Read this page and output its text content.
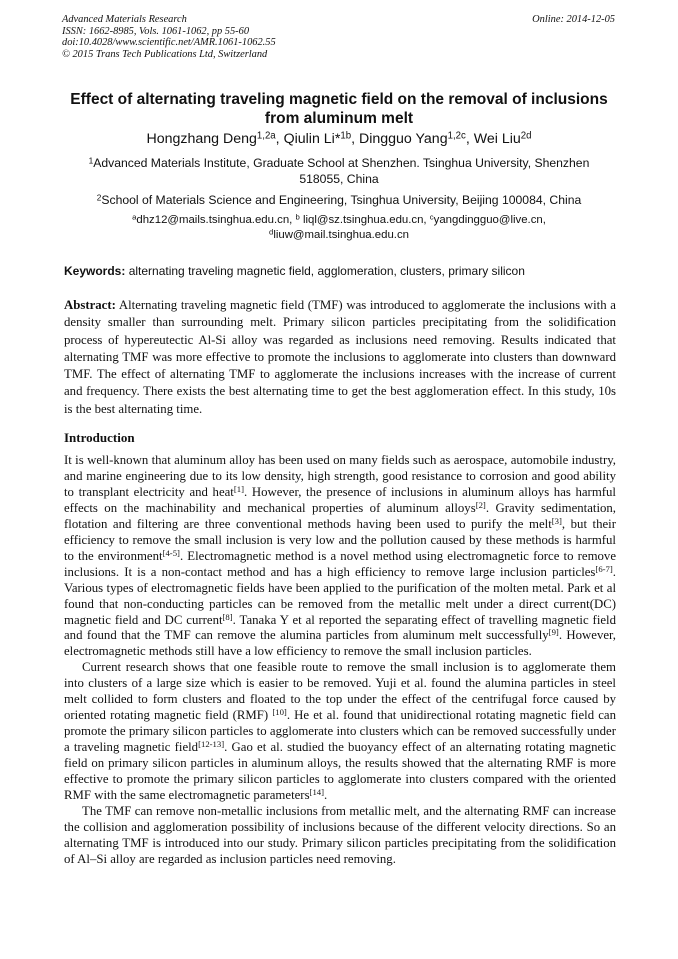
Advanced Materials Research
ISSN: 1662-8985, Vols. 1061-1062, pp 55-60
doi:10.4028/www.scientific.net/AMR.1061-1062.55
© 2015 Trans Tech Publications Ltd, Switzerland
Online: 2014-12-05
Effect of alternating traveling magnetic field on the removal of inclusions from aluminum melt
Hongzhang Deng$^{1,2a}$, Qiulin Li*$^{1b}$, Dingguo Yang$^{1,2c}$, Wei Liu$^{2d}$
$^1$Advanced Materials Institute, Graduate School at Shenzhen. Tsinghua University, Shenzhen 518055, China
$^2$School of Materials Science and Engineering, Tsinghua University, Beijing 100084, China
$^a$dhz12@mails.tsinghua.edu.cn, $^b$ liql@sz.tsinghua.edu.cn, $^c$yangdingguo@live.cn,
$^d$liuw@mail.tsinghua.edu.cn
Keywords: alternating traveling magnetic field, agglomeration, clusters, primary silicon
Abstract: Alternating traveling magnetic field (TMF) was introduced to agglomerate the inclusions with a density smaller than surrounding melt. Primary silicon particles precipitating from the solidification process of hypereutectic Al-Si alloy was regarded as inclusions need removing. Results indicated that alternating TMF was more effective to promote the inclusions to agglomerate into clusters than downward TMF. The effect of alternating TMF to agglomerate the inclusions increases with the increase of current and frequency. There exists the best alternating time to get the best agglomeration effect. In this study, 10s is the best alternating time.
Introduction

It is well-known that aluminum alloy has been used on many fields such as aerospace, automobile industry, and marine engineering due to its low density, high strength, good resistance to corrosion and good ability to transplant electricity and heat[1]. However, the presence of inclusions in aluminum alloys has harmful effects on the machinability and mechanical properties of aluminum alloys[2]. Gravity sedimentation, flotation and filtering are three conventional methods having been used to purify the melt[3], but their efficiency to remove the small inclusion is very low and the pollution caused by these methods is harmful to the environment[4-5]. Electromagnetic method is a novel method using electromagnetic force to remove inclusions. It is a non-contact method and has a high efficiency to remove large inclusion particles[6-7]. Various types of electromagnetic fields have been applied to the purification of the molten metal. Park et al found that non-conducting particles can be removed from the metallic melt under a direct current(DC) magnetic field and DC current[8]. Tanaka Y et al reported the separating effect of travelling magnetic field and found that the TMF can remove the alumina particles from aluminum melt successfully[9]. However, electromagnetic methods still have a low efficiency to remove the small inclusion particles.

Current research shows that one feasible route to remove the small inclusion is to agglomerate them into clusters of a large size which is easier to be removed. Yuji et al. found the alumina particles in steel melt collided to form clusters and floated to the top under the effect of the centrifugal force caused by oriented rotating magnetic field (RMF) [10]. He et al. found that unidirectional rotating magnetic field can promote the primary silicon particles to agglomerate into clusters which can be removed successfully under a traveling magnetic field[12-13]. Gao et al. studied the buoyancy effect of an alternating rotating magnetic field on primary silicon particles in aluminum alloys, the results showed that the alternating RMF is more effective to promote the primary silicon particles to agglomerate into clusters compared with the oriented RMF with the same electromagnetic parameters[14].

The TMF can remove non-metallic inclusions from metallic melt, and the alternating RMF can increase the collision and agglomeration possibility of inclusions because of the different velocity directions. So an alternating TMF is introduced into our study. Primary silicon particles precipitating from the solidification of Al–Si alloy are regarded as inclusion particles need removing.
